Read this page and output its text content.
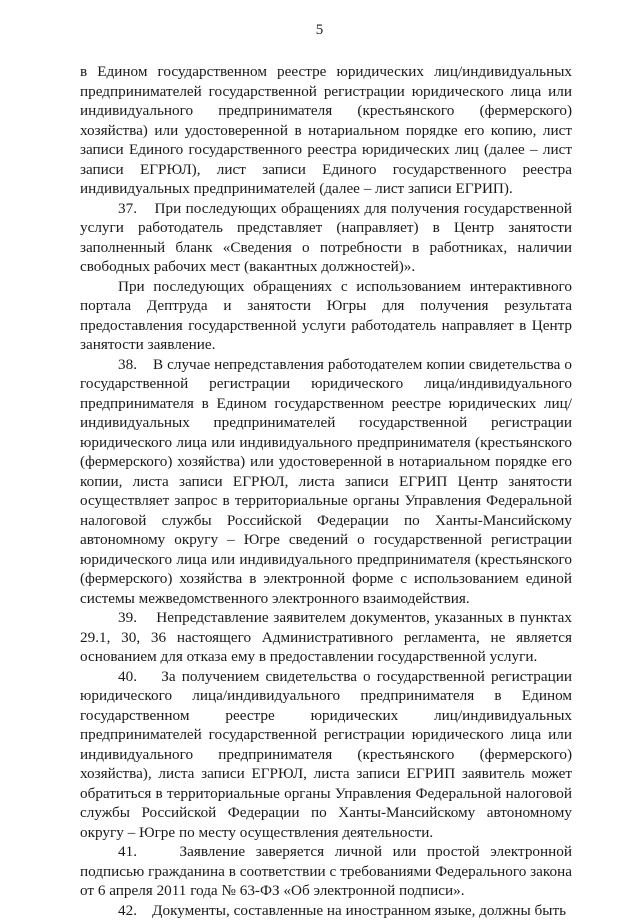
5

в Едином государственном реестре юридических лиц/индивидуальных предпринимателей государственной регистрации юридического лица или индивидуального предпринимателя (крестьянского (фермерского) хозяйства) или удостоверенной в нотариальном порядке его копию, лист записи Единого государственного реестра юридических лиц (далее – лист записи ЕГРЮЛ), лист записи Единого государственного реестра индивидуальных предпринимателей (далее – лист записи ЕГРИП).

37.    При последующих обращениях для получения государственной услуги работодатель представляет (направляет) в Центр занятости заполненный бланк «Сведения о потребности в работниках, наличии свободных рабочих мест (вакантных должностей)».

При последующих обращениях с использованием интерактивного портала Дептруда и занятости Югры для получения результата предоставления государственной услуги работодатель направляет в Центр занятости заявление.

38.    В случае непредставления работодателем копии свидетельства о государственной регистрации юридического лица/индивидуального предпринимателя в Едином государственном реестре юридических лиц/индивидуальных предпринимателей государственной регистрации юридического лица или индивидуального предпринимателя (крестьянского (фермерского) хозяйства) или удостоверенной в нотариальном порядке его копии, листа записи ЕГРЮЛ, листа записи ЕГРИП Центр занятости осуществляет запрос в территориальные органы Управления Федеральной налоговой службы Российской Федерации по Ханты-Мансийскому автономному округу – Югре сведений о государственной регистрации юридического лица или индивидуального предпринимателя (крестьянского (фермерского) хозяйства в электронной форме с использованием единой системы межведомственного электронного взаимодействия.

39.    Непредставление заявителем документов, указанных в пунктах 29.1, 30, 36 настоящего Административного регламента, не является основанием для отказа ему в предоставлении государственной услуги.

40.    За получением свидетельства о государственной регистрации юридического лица/индивидуального предпринимателя в Едином государственном реестре юридических лиц/индивидуальных предпринимателей государственной регистрации юридического лица или индивидуального предпринимателя (крестьянского (фермерского) хозяйства), листа записи ЕГРЮЛ, листа записи ЕГРИП заявитель может обратиться в территориальные органы Управления Федеральной налоговой службы Российской Федерации по Ханты-Мансийскому автономному округу – Югре по месту осуществления деятельности.

41.    Заявление заверяется личной или простой электронной подписью гражданина в соответствии с требованиями Федерального закона от 6 апреля 2011 года № 63-ФЗ «Об электронной подписи».

42.    Документы, составленные на иностранном языке, должны быть
